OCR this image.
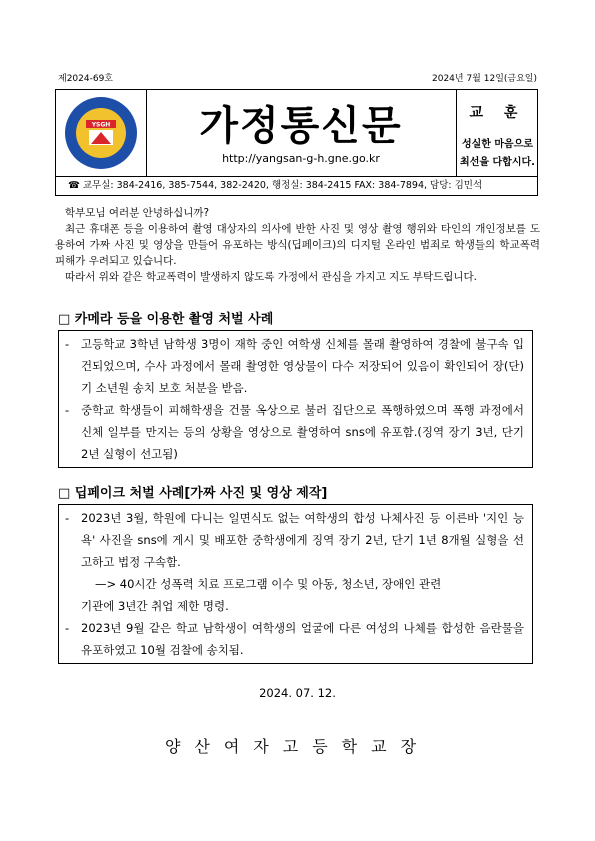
제2024-69호	2024년 7월 12일(금요일)
YSGH	가정통신문
http://yangsan-g-h.gne.go.kr
교 훈
성실한 마음으로
최선을 다합시다.
☎ 교무실: 384-2416, 385-7544, 382-2420, 행정실: 384-2415 FAX: 384-7894, 담당: 김민석
학부모님 여러분 안녕하십니까?
최근 휴대폰 등을 이용하여 촬영 대상자의 의사에 반한 사진 및 영상 촬영 행위와 타인의 개인정보를 도용하여 가짜 사진 및 영상을 만들어 유포하는 방식(딥페이크)의 디지털 온라인 범죄로 학생들의 학교폭력 피해가 우려되고 있습니다.
따라서 위와 같은 학교폭력이 발생하지 않도록 가정에서 관심을 가지고 지도 부탁드립니다.
□ 카메라 등을 이용한 촬영 처벌 사례
-	고등학교 3학년 남학생 3명이 재학 중인 여학생 신체를 몰래 촬영하여 경찰에 불구속 입건되었으며, 수사 과정에서 몰래 촬영한 영상물이 다수 저장되어 있음이 확인되어 장(단)기 소년원 송치 보호 처분을 받음.
-	중학교 학생들이 피해학생을 건물 옥상으로 불러 집단으로 폭행하였으며 폭행 과정에서 신체 일부를 만지는 등의 상황을 영상으로 촬영하여 sns에 유포함.(징역 장기 3년, 단기 2년 실형이 선고됨)
□ 딥페이크 처벌 사례[가짜 사진 및 영상 제작]
-	2023년 3월, 학원에 다니는 일면식도 없는 여학생의 합성 나체사진 등 이른바 '지인 능욕' 사진을 sns에 게시 및 배포한 중학생에게 징역 장기 2년, 단기 1년 8개월 실형을 선고하고 법정 구속함.
—> 40시간 성폭력 치료 프로그램 이수 및 아동, 청소년, 장애인 관련
기관에 3년간 취업 제한 명령.
-	2023년 9월 같은 학교 남학생이 여학생의 얼굴에 다른 여성의 나체를 합성한 음란물을 유포하였고 10월 검찰에 송치됨.
2024. 07. 12.
양산여자고등학교장
